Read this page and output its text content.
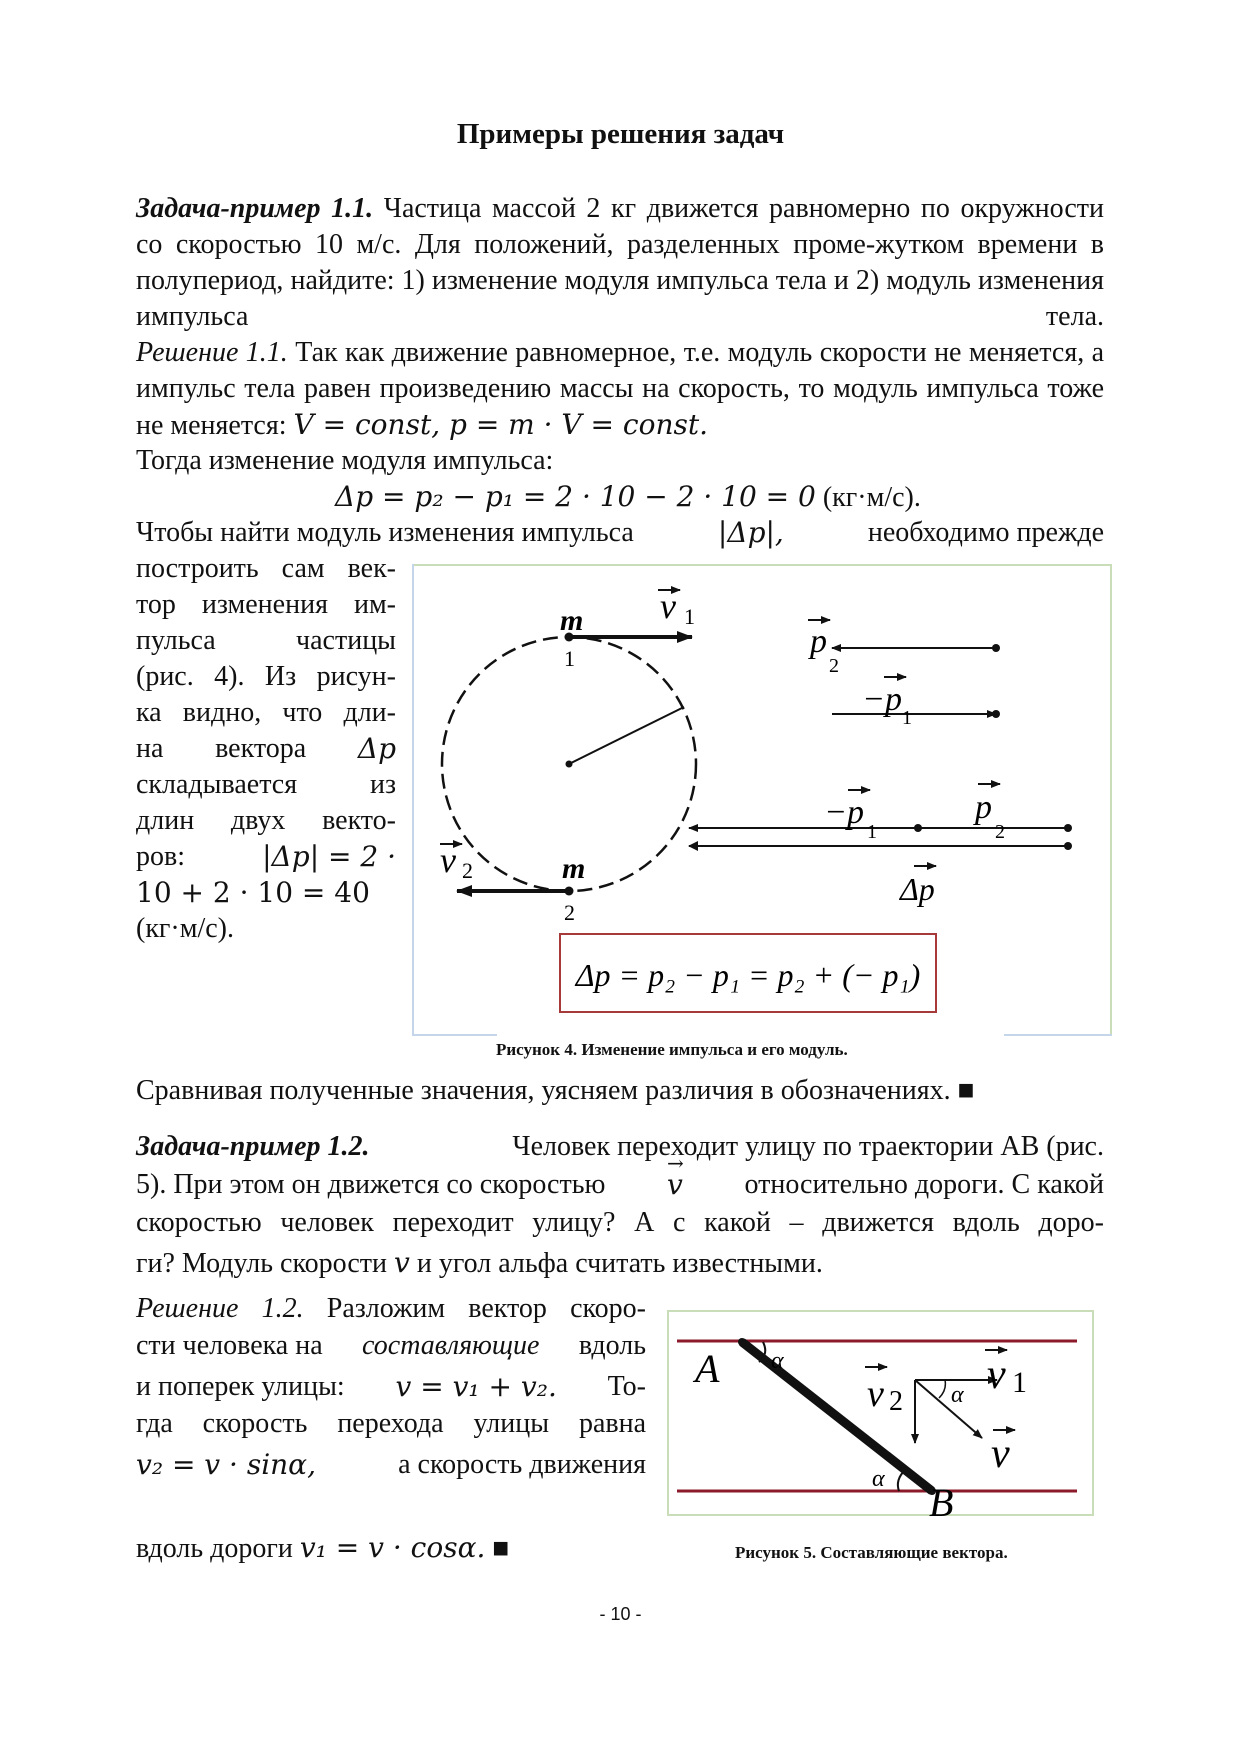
Примеры решения задач

Задача-пример 1.1. Частица массой 2 кг движется равномерно по окружности со скоростью 10 м/с. Для положений, разделенных проме-жутком времени в полупериод, найдите: 1) изменение модуля импульса тела и 2) модуль изменения импульса тела.

Решение 1.1. Так как движение равномерное, т.е. модуль скорости не меняется, а импульс тела равен произведению массы на скорость, то модуль импульса тоже не меняется: V = const, p = m · V = const.

Тогда изменение модуля импульса:

Δp = p₂ − p₁ = 2 · 10 − 2 · 10 = 0 (кг·м/с).

Чтобы найти модуль изменения импульса	|Δp|,	необходимо прежде

построить сам век-
тор изменения им-
пульса	частицы
(рис. 4). Из рисун-
ка видно, что дли-
на вектора Δp
складывается	из
длин двух векто-
ров:	|Δp| = 2 ·
10 + 2 · 10 = 40
(кг·м/с).
m
1
v 1
m
2
v 2
p
2
−p 1
−p
1
p
2
Δp
Δp = p₂ − p₁ = p₂ + (− p₁)

Рисунок 4. Изменение импульса и его модуль.

Сравнивая полученные значения, уясняем различия в обозначениях. ■

Задача-пример 1.2.	Человек переходит улицу по траектории АВ (рис.
5). При этом он движется со скоростью
→ v относительно дороги. С какой
скоростью человек переходит улицу? А с какой – движется вдоль доро-
ги? Модуль скорости v и угол альфа считать известными.
Решение 1.2. Разложим вектор скоро-
сти человека на составляющие вдоль
и поперек улицы: v = v₁ + v₂. То-
гда скорость перехода улицы равна
v₂ = v · sinα,	а скорость движения

вдоль дороги v₁ = v · cosα. ■

A
B
α
α
α v 1
v 2
v

Рисунок 5. Составляющие вектора.

- 10 -
